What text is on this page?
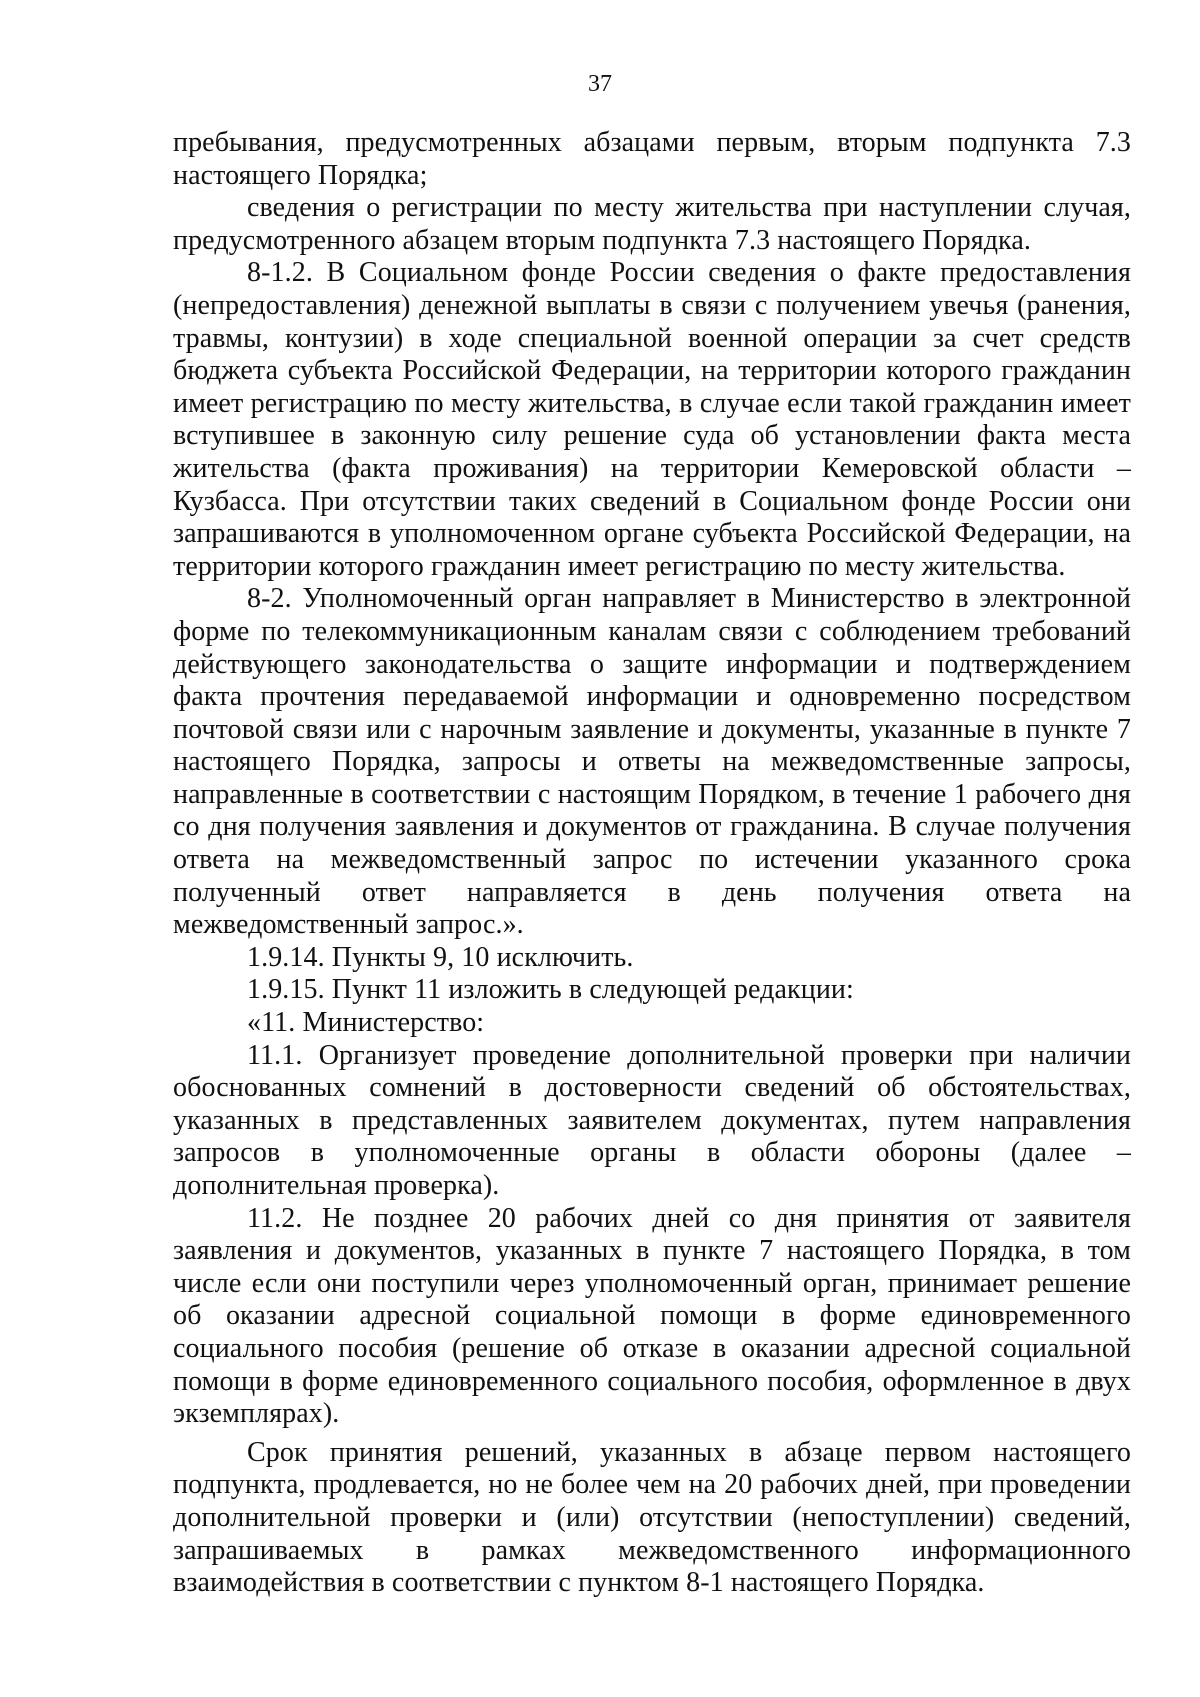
37

пребывания, предусмотренных абзацами первым, вторым подпункта 7.3 настоящего Порядка;

сведения о регистрации по месту жительства при наступлении случая, предусмотренного абзацем вторым подпункта 7.3 настоящего Порядка.

8-1.2. В Социальном фонде России сведения о факте предоставления (непредоставления) денежной выплаты в связи с получением увечья (ранения, травмы, контузии) в ходе специальной военной операции за счет средств бюджета субъекта Российской Федерации, на территории которого гражданин имеет регистрацию по месту жительства, в случае если такой гражданин имеет вступившее в законную силу решение суда об установлении факта места жительства (факта проживания) на территории Кемеровской области – Кузбасса. При отсутствии таких сведений в Социальном фонде России они запрашиваются в уполномоченном органе субъекта Российской Федерации, на территории которого гражданин имеет регистрацию по месту жительства.

8-2. Уполномоченный орган направляет в Министерство в электронной форме по телекоммуникационным каналам связи с соблюдением требований действующего законодательства о защите информации и подтверждением факта прочтения передаваемой информации и одновременно посредством почтовой связи или с нарочным заявление и документы, указанные в пункте 7 настоящего Порядка, запросы и ответы на межведомственные запросы, направленные в соответствии с настоящим Порядком, в течение 1 рабочего дня со дня получения заявления и документов от гражданина. В случае получения ответа на межведомственный запрос по истечении указанного срока полученный ответ направляется в день получения ответа на межведомственный запрос.».

1.9.14. Пункты 9, 10 исключить.

1.9.15. Пункт 11 изложить в следующей редакции:

«11. Министерство:

11.1. Организует проведение дополнительной проверки при наличии обоснованных сомнений в достоверности сведений об обстоятельствах, указанных в представленных заявителем документах, путем направления запросов в уполномоченные органы в области обороны (далее – дополнительная проверка).

11.2. Не позднее 20 рабочих дней со дня принятия от заявителя заявления и документов, указанных в пункте 7 настоящего Порядка, в том числе если они поступили через уполномоченный орган, принимает решение об оказании адресной социальной помощи в форме единовременного социального пособия (решение об отказе в оказании адресной социальной помощи в форме единовременного социального пособия, оформленное в двух экземплярах).

Срок принятия решений, указанных в абзаце первом настоящего подпункта, продлевается, но не более чем на 20 рабочих дней, при проведении дополнительной проверки и (или) отсутствии (непоступлении) сведений, запрашиваемых в рамках межведомственного информационного взаимодействия в соответствии с пунктом 8-1 настоящего Порядка.
